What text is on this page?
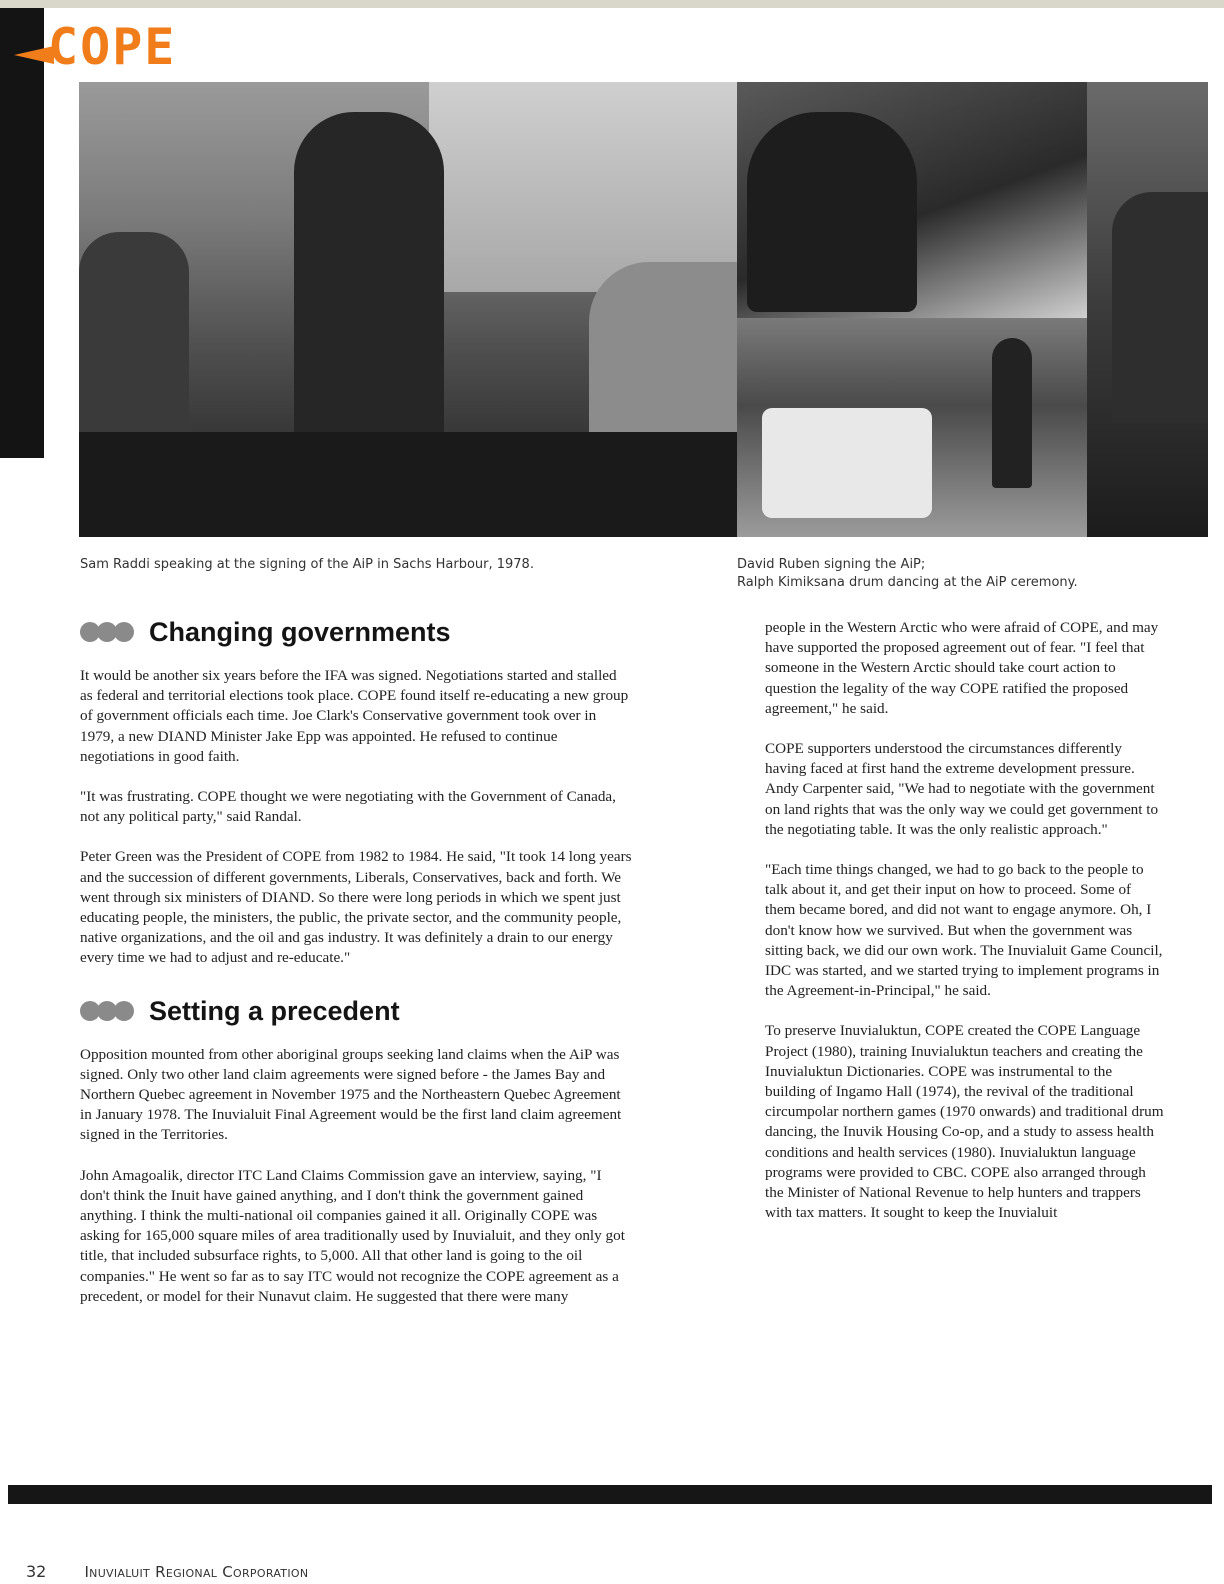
COPE
Sam Raddi speaking at the signing of the AiP in Sachs Harbour, 1978.	David Ruben signing the AiP;
Ralph Kimiksana drum dancing at the AiP ceremony.
Changing governments

It would be another six years before the IFA was signed. Negotiations started and stalled as federal and territorial elections took place. COPE found itself re-educating a new group of government officials each time. Joe Clark's Conservative government took over in 1979, a new DIAND Minister Jake Epp was appointed. He refused to continue negotiations in good faith.

"It was frustrating. COPE thought we were negotiating with the Government of Canada, not any political party," said Randal.

Peter Green was the President of COPE from 1982 to 1984. He said, "It took 14 long years and the succession of different governments, Liberals, Conservatives, back and forth. We went through six ministers of DIAND. So there were long periods in which we spent just educating people, the ministers, the public, the private sector, and the community people, native organizations, and the oil and gas industry. It was definitely a drain to our energy every time we had to adjust and re-educate."

Setting a precedent

Opposition mounted from other aboriginal groups seeking land claims when the AiP was signed. Only two other land claim agreements were signed before - the James Bay and Northern Quebec agreement in November 1975 and the Northeastern Quebec Agreement in January 1978. The Inuvialuit Final Agreement would be the first land claim agreement signed in the Territories.

John Amagoalik, director ITC Land Claims Commission gave an interview, saying, "I don't think the Inuit have gained anything, and I don't think the government gained anything. I think the multi-national oil companies gained it all. Originally COPE was asking for 165,000 square miles of area traditionally used by Inuvialuit, and they only got title, that included subsurface rights, to 5,000. All that other land is going to the oil companies." He went so far as to say ITC would not recognize the COPE agreement as a precedent, or model for their Nunavut claim. He suggested that there were many

people in the Western Arctic who were afraid of COPE, and may have supported the proposed agreement out of fear. "I feel that someone in the Western Arctic should take court action to question the legality of the way COPE ratified the proposed agreement," he said.

COPE supporters understood the circumstances differently having faced at first hand the extreme development pressure. Andy Carpenter said, "We had to negotiate with the government on land rights that was the only way we could get government to the negotiating table. It was the only realistic approach."

"Each time things changed, we had to go back to the people to talk about it, and get their input on how to proceed. Some of them became bored, and did not want to engage anymore. Oh, I don't know how we survived. But when the government was sitting back, we did our own work. The Inuvialuit Game Council, IDC was started, and we started trying to implement programs in the Agreement-in-Principal," he said.

To preserve Inuvialuktun, COPE created the COPE Language Project (1980), training Inuvialuktun teachers and creating the Inuvialuktun Dictionaries. COPE was instrumental to the building of Ingamo Hall (1974), the revival of the traditional circumpolar northern games (1970 onwards) and traditional drum dancing, the Inuvik Housing Co-op, and a study to assess health conditions and health services (1980). Inuvialuktun language programs were provided to CBC. COPE also arranged through the Minister of National Revenue to help hunters and trappers with tax matters. It sought to keep the Inuvialuit

32	Inuvialuit Regional Corporation
